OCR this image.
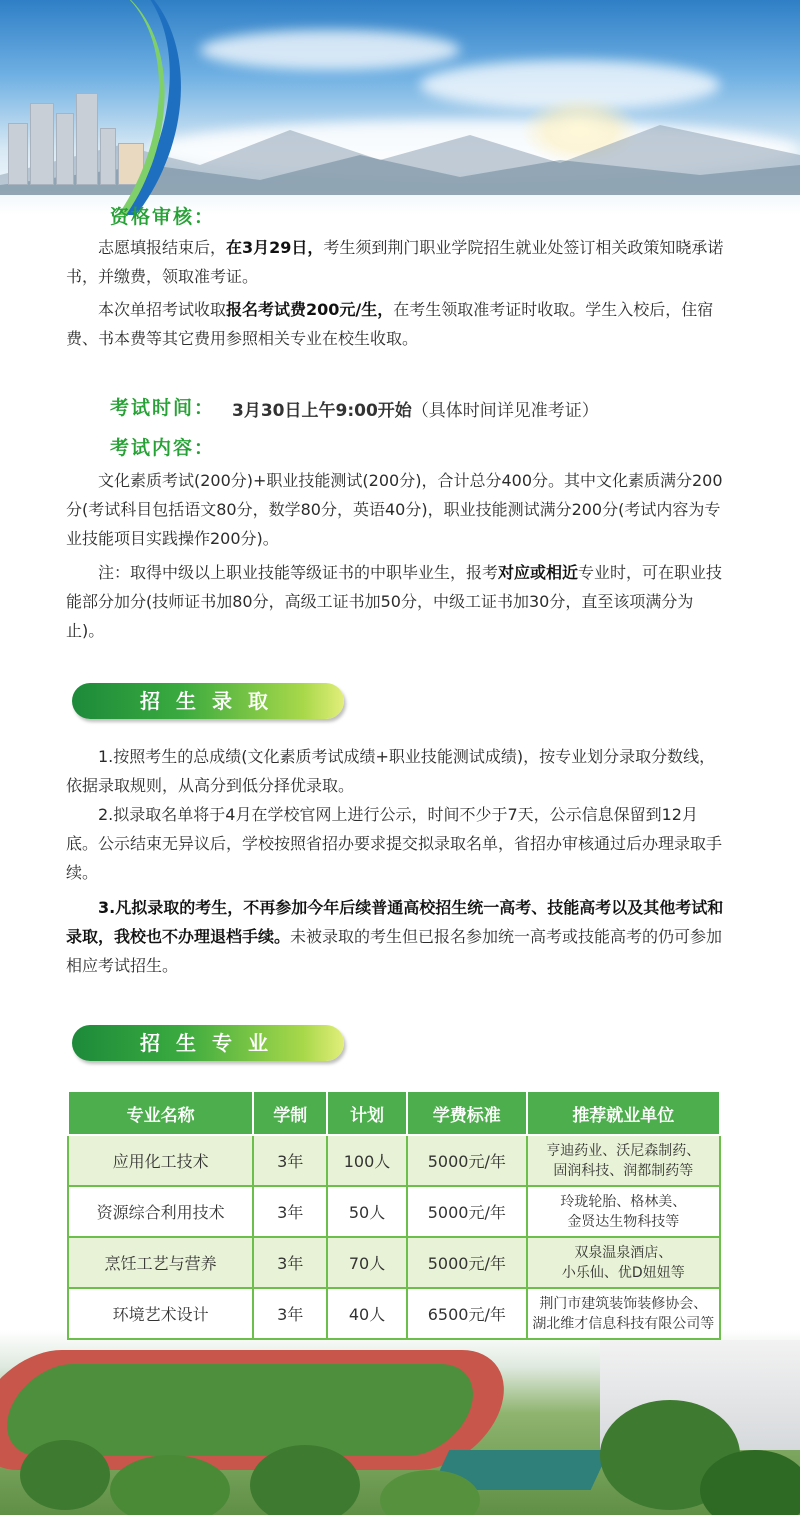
资格审核：

志愿填报结束后，在3月29日，考生须到荆门职业学院招生就业处签订相关政策知晓承诺书，并缴费，领取准考证。

本次单招考试收取报名考试费200元/生，在考生领取准考证时收取。学生入校后，住宿费、书本费等其它费用参照相关专业在校生收取。

考试时间： 3月30日上午9:00开始（具体时间详见准考证）
考试内容：

文化素质考试(200分)+职业技能测试(200分)，合计总分400分。其中文化素质满分200分(考试科目包括语文80分，数学80分，英语40分)，职业技能测试满分200分(考试内容为专业技能项目实践操作200分)。

注：取得中级以上职业技能等级证书的中职毕业生，报考对应或相近专业时，可在职业技能部分加分(技师证书加80分，高级工证书加50分，中级工证书加30分，直至该项满分为止)。

招生录取

1.按照考生的总成绩(文化素质考试成绩+职业技能测试成绩)，按专业划分录取分数线，依据录取规则，从高分到低分择优录取。

2.拟录取名单将于4月在学校官网上进行公示，时间不少于7天，公示信息保留到12月底。公示结束无异议后，学校按照省招办要求提交拟录取名单，省招办审核通过后办理录取手续。

3.凡拟录取的考生，不再参加今年后续普通高校招生统一高考、技能高考以及其他考试和录取，我校也不办理退档手续。未被录取的考生但已报名参加统一高考或技能高考的仍可参加相应考试招生。

招生专业
专业名称	学制	计划	学费标准	推荐就业单位
应用化工技术	3年	100人	5000元/年	亨迪药业、沃尼森制药、
固润科技、润都制药等
资源综合利用技术	3年	50人	5000元/年	玲珑轮胎、格林美、
金贤达生物科技等
烹饪工艺与营养	3年	70人	5000元/年	双泉温泉酒店、
小乐仙、优D妞妞等
环境艺术设计	3年	40人	6500元/年	荆门市建筑装饰装修协会、
湖北维才信息科技有限公司等
